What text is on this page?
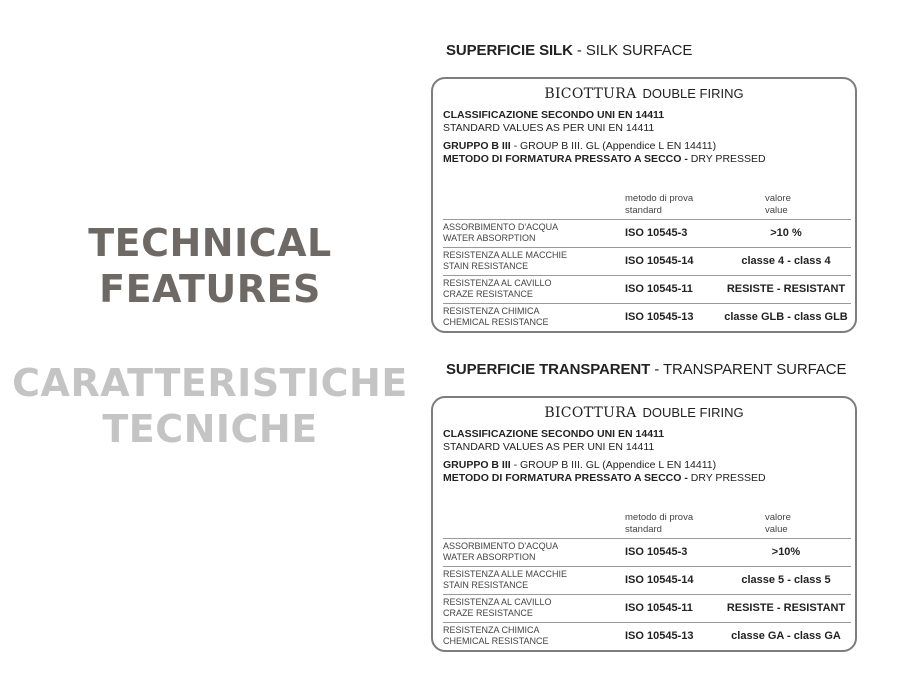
TECHNICAL
FEATURES
CARATTERISTICHE
TECNICHE
SUPERFICIE SILK - SILK SURFACE
BICOTTURA DOUBLE FIRING
CLASSIFICAZIONE SECONDO UNI EN 14411
STANDARD VALUES AS PER UNI EN 14411
GRUPPO B III - GROUP B III. GL (Appendice L EN 14411)
METODO DI FORMATURA PRESSATO A SECCO - DRY PRESSED
metodo di prova
standard
valore
value
ASSORBIMENTO D'ACQUA
WATER ABSORPTION	ISO 10545-3	>10 %
RESISTENZA ALLE MACCHIE
STAIN RESISTANCE	ISO 10545-14	classe 4 - class 4
RESISTENZA AL CAVILLO
CRAZE RESISTANCE	ISO 10545-11	RESISTE - RESISTANT
RESISTENZA CHIMICA
CHEMICAL RESISTANCE	ISO 10545-13	classe GLB - class GLB
SUPERFICIE TRANSPARENT - TRANSPARENT SURFACE
BICOTTURA DOUBLE FIRING
CLASSIFICAZIONE SECONDO UNI EN 14411
STANDARD VALUES AS PER UNI EN 14411
GRUPPO B III - GROUP B III. GL (Appendice L EN 14411)
METODO DI FORMATURA PRESSATO A SECCO - DRY PRESSED
metodo di prova
standard
valore
value
ASSORBIMENTO D'ACQUA
WATER ABSORPTION	ISO 10545-3	>10%
RESISTENZA ALLE MACCHIE
STAIN RESISTANCE	ISO 10545-14	classe 5 - class 5
RESISTENZA AL CAVILLO
CRAZE RESISTANCE	ISO 10545-11	RESISTE - RESISTANT
RESISTENZA CHIMICA
CHEMICAL RESISTANCE	ISO 10545-13	classe GA - class GA
